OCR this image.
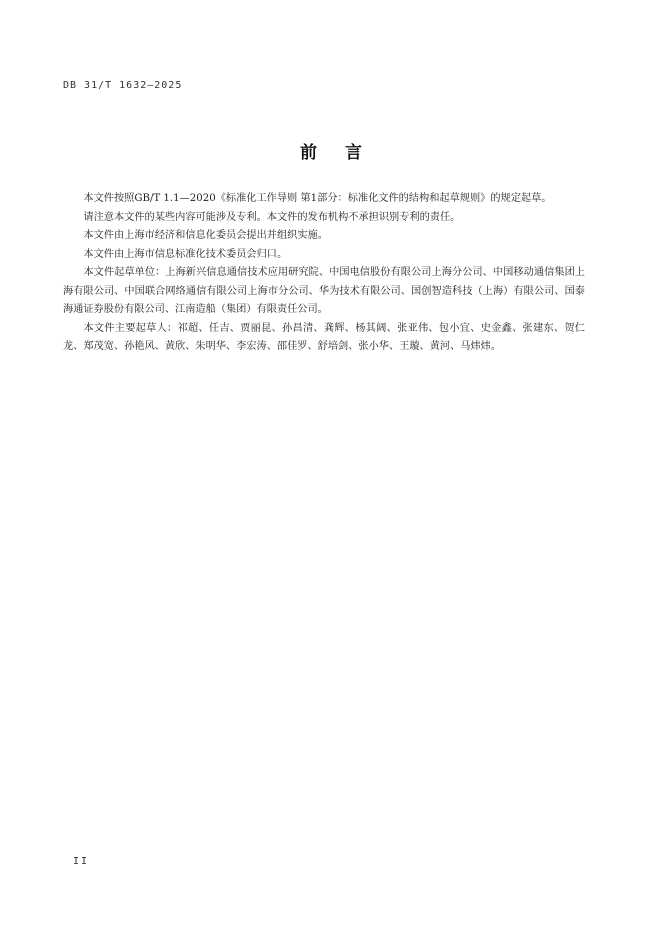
DB 31/T 1632—2025
前言

本文件按照GB/T 1.1—2020《标准化工作导则 第1部分：标准化文件的结构和起草规则》的规定起草。

请注意本文件的某些内容可能涉及专利。本文件的发布机构不承担识别专利的责任。

本文件由上海市经济和信息化委员会提出并组织实施。

本文件由上海市信息标准化技术委员会归口。

本文件起草单位：上海新兴信息通信技术应用研究院、中国电信股份有限公司上海分公司、中国移动通信集团上海有限公司、中国联合网络通信有限公司上海市分公司、华为技术有限公司、国创智造科技（上海）有限公司、国泰海通证券股份有限公司、江南造船（集团）有限责任公司。

本文件主要起草人：祁超、任吉、贾丽昆、孙昌清、龚辉、杨其阔、张亚伟、包小宜、史金鑫、张建东、贺仁龙、郑茂宽、孙艳风、黄欣、朱明华、李宏涛、邵佳罗、舒培剑、张小华、王璇、黄河、马炜炜。

II
